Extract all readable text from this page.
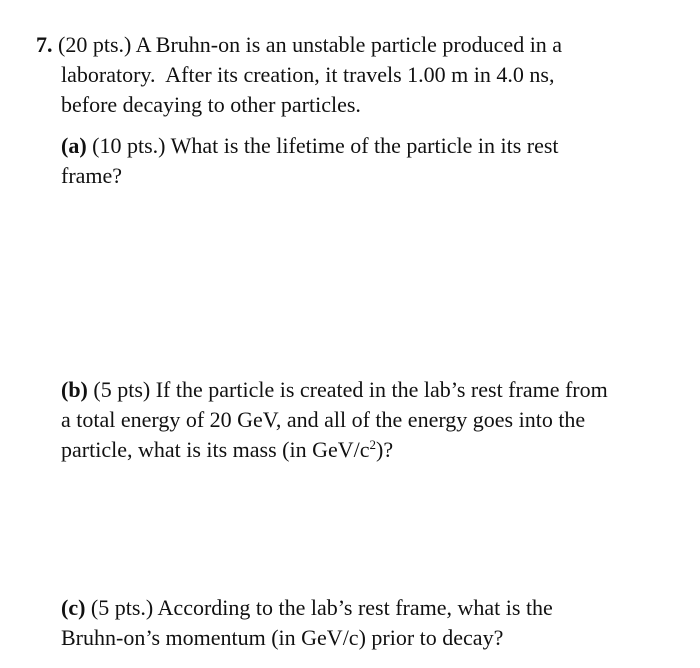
7. (20 pts.) A Bruhn-on is an unstable particle produced in a
laboratory.  After its creation, it travels 1.00 m in 4.0 ns,
before decaying to other particles.
(a) (10 pts.) What is the lifetime of the particle in its rest
frame?
(b) (5 pts) If the particle is created in the lab’s rest frame from
a total energy of 20 GeV, and all of the energy goes into the
particle, what is its mass (in GeV/$c^2$)?
(c) (5 pts.) According to the lab’s rest frame, what is the
Bruhn-on’s momentum (in GeV/c) prior to decay?
